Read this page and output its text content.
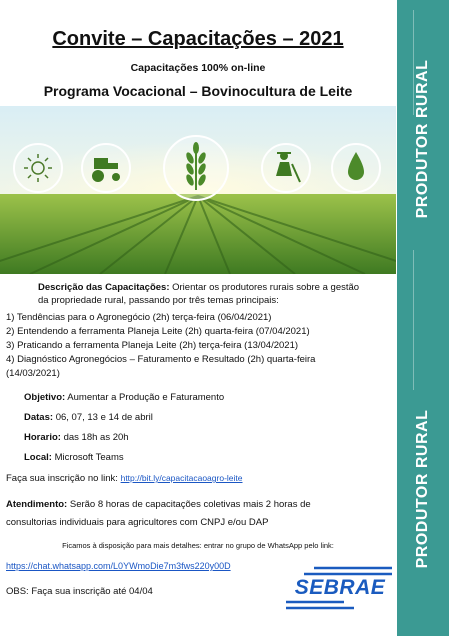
Convite – Capacitações – 2021
Capacitações 100% on-line
Programa Vocacional – Bovinocultura de Leite
Descrição das Capacitações: Orientar os produtores rurais sobre a gestão
da propriedade rural, passando por três temas principais:
1) Tendências para o Agronegócio (2h) terça-feira (06/04/2021)
2) Entendendo a ferramenta Planeja Leite (2h) quarta-feira (07/04/2021)
3) Praticando a ferramenta Planeja Leite (2h) terça-feira (13/04/2021)
4) Diagnóstico Agronegócios – Faturamento e Resultado (2h) quarta-feira
(14/03/2021)
Objetivo: Aumentar a Produção e Faturamento
Datas: 06, 07, 13 e 14 de abril
Horario: das 18h as 20h
Local: Microsoft Teams
Faça sua inscrição no link: http://bit.ly/capacitacaoagro-leite
Atendimento: Serão 8 horas de capacitações coletivas mais 2 horas de
consultorias individuais para agricultores com CNPJ e/ou DAP
Ficamos à disposição para mais detalhes: entrar no grupo de WhatsApp pelo link:
https://chat.whatsapp.com/L0YWmoDie7m3fws220y00D
OBS: Faça sua inscrição até 04/04	SEBRAE
PRODUTOR RURAL
PRODUTOR RURAL
